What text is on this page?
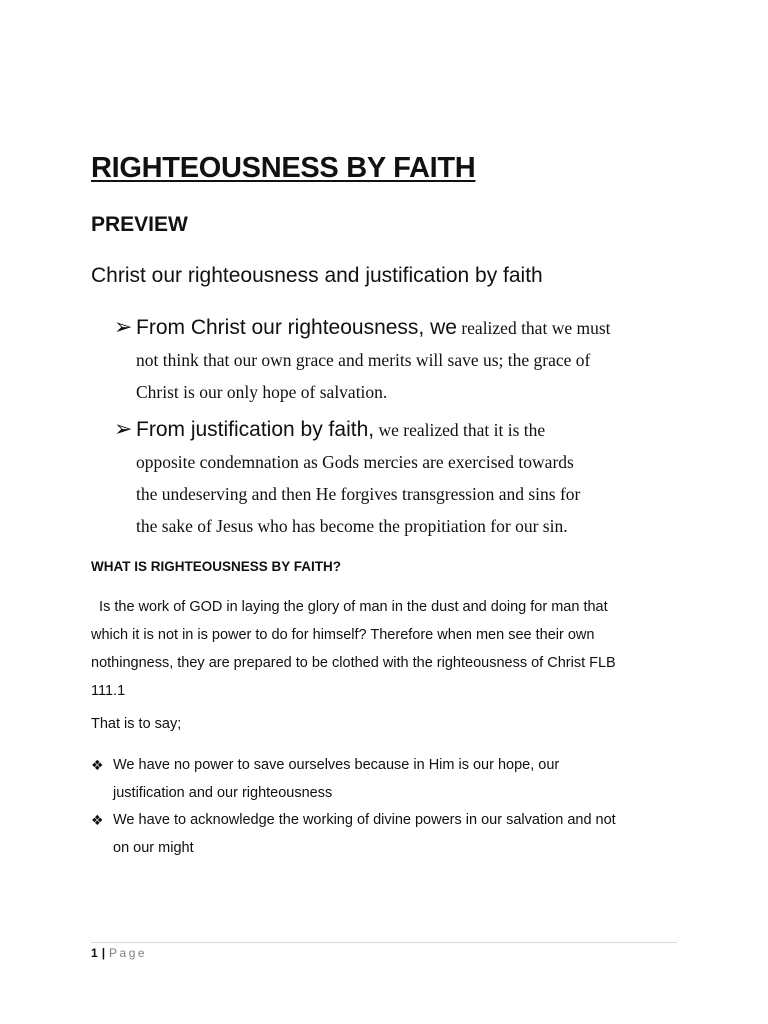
RIGHTEOUSNESS BY FAITH
PREVIEW

Christ our righteousness and justification by faith

➢ From Christ our righteousness, we realized that we must

not think that our own grace and merits will save us; the grace of

Christ is our only hope of salvation.

➢ From justification by faith, we realized that it is the

opposite condemnation as Gods mercies are exercised towards

the undeserving and then He forgives transgression and sins for

the sake of Jesus who has become the propitiation for our sin.

WHAT IS RIGHTEOUSNESS BY FAITH?
Is the work of GOD in laying the glory of man in the dust and doing for man that
which it is not in is power to do for himself? Therefore when men see their own
nothingness, they are prepared to be clothed with the righteousness of Christ FLB
111.1

That is to say;

❖ We have no power to save ourselves because in Him is our hope, our
justification and our righteousness
❖ We have to acknowledge the working of divine powers in our salvation and not
on our might
1 | Page
